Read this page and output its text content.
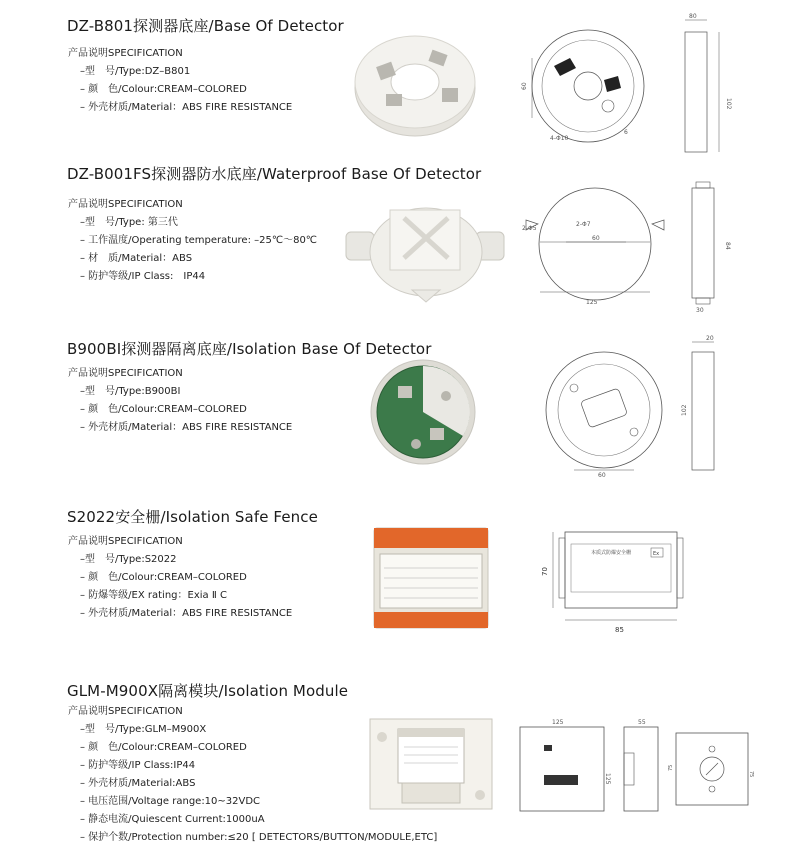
DZ-B801探测器底座/Base Of Detector
产品说明SPECIFICATION
–型　号/Type:DZ–B801
– 颜　色/Colour:CREAM–COLORED
– 外壳材质/Material：ABS FIRE RESISTANCE
60
6
4-Φ10
80
102
DZ-B001FS探测器防水底座/Waterproof Base Of Detector
产品说明SPECIFICATION
–型　号/Type: 第三代
– 工作温度/Operating temperature: –25℃～80℃
– 材　质/Material：ABS
– 防护等级/IP Class:　IP44
60
2-Φ7
2-Φ5
125
84
30
B900BI探测器隔离底座/Isolation Base Of Detector
产品说明SPECIFICATION
–型　号/Type:B900BI
– 颜　色/Colour:CREAM–COLORED
– 外壳材质/Material：ABS FIRE RESISTANCE
60
20
102
S2022安全栅/Isolation Safe Fence
产品说明SPECIFICATION
–型　号/Type:S2022
– 颜　色/Colour:CREAM–COLORED
– 防爆等级/EX rating：Exia Ⅱ C
– 外壳材质/Material：ABS FIRE RESISTANCE
本质式防爆安全栅	Ex
70
85
GLM-M900X隔离模块/Isolation Module
产品说明SPECIFICATION
–型　号/Type:GLM–M900X
– 颜　色/Colour:CREAM–COLORED
– 防护等级/IP Class:IP44
– 外壳材质/Material:ABS
– 电压范围/Voltage range:10~32VDC
– 静态电流/Quiescent Current:1000uA
– 保护个数/Protection number:≤20 [ DETECTORS/BUTTON/MODULE,ETC]
125
125
55
75
75
